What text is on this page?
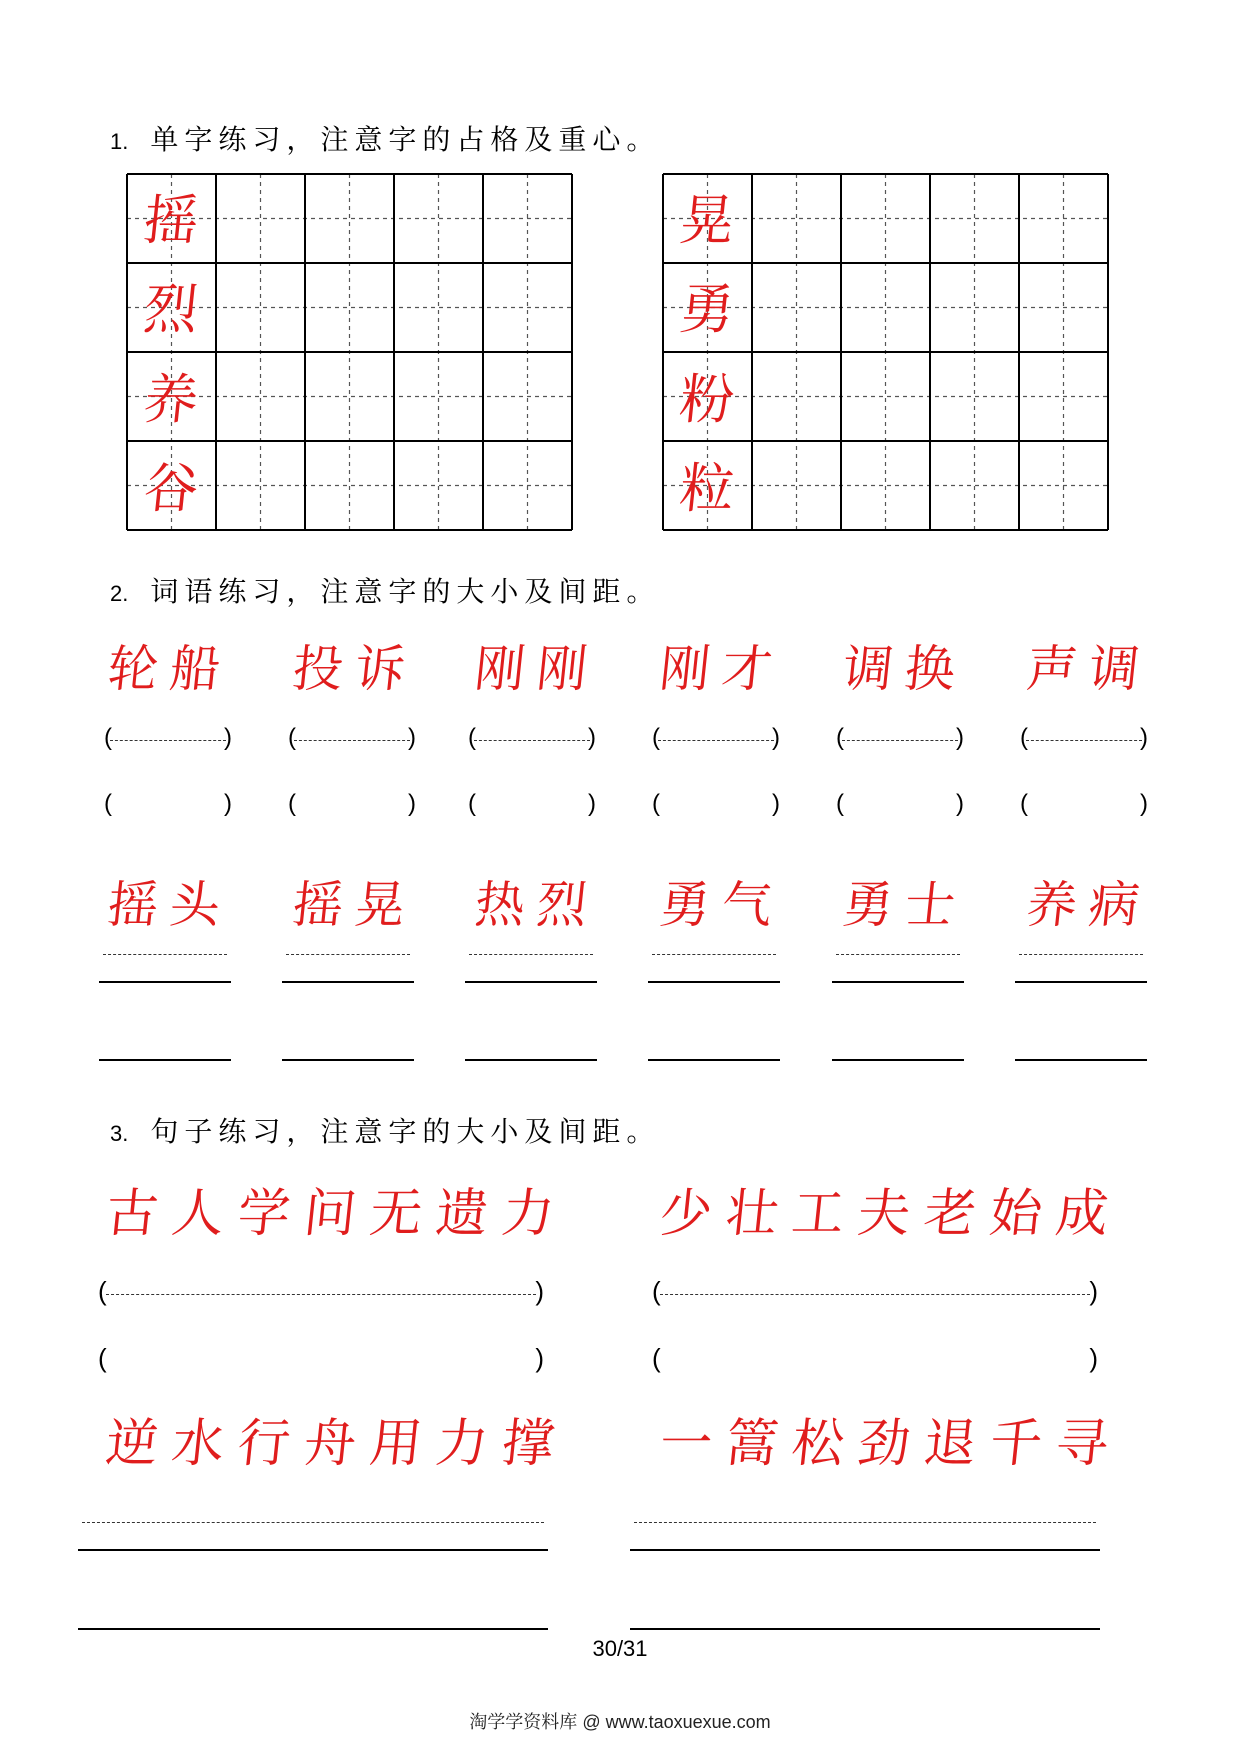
1. 单字练习，注意字的占格及重心。
摇
烈
养
谷
晃
勇
粉
粒
2. 词语练习，注意字的大小及间距。
轮船 投诉 刚刚 刚才 调换 声调
(	) (	) (	) (	) (	) (	)
(	) (	) (	) (	) (	) (	)
摇头 摇晃 热烈 勇气 勇士 养病
3. 句子练习，注意字的大小及间距。
古人学问无遗力 少壮工夫老始成
(	)	(	)
(	)	(	)
逆水行舟用力撑 一篙松劲退千寻
30/31
淘学学资料库 @ www.taoxuexue.com
